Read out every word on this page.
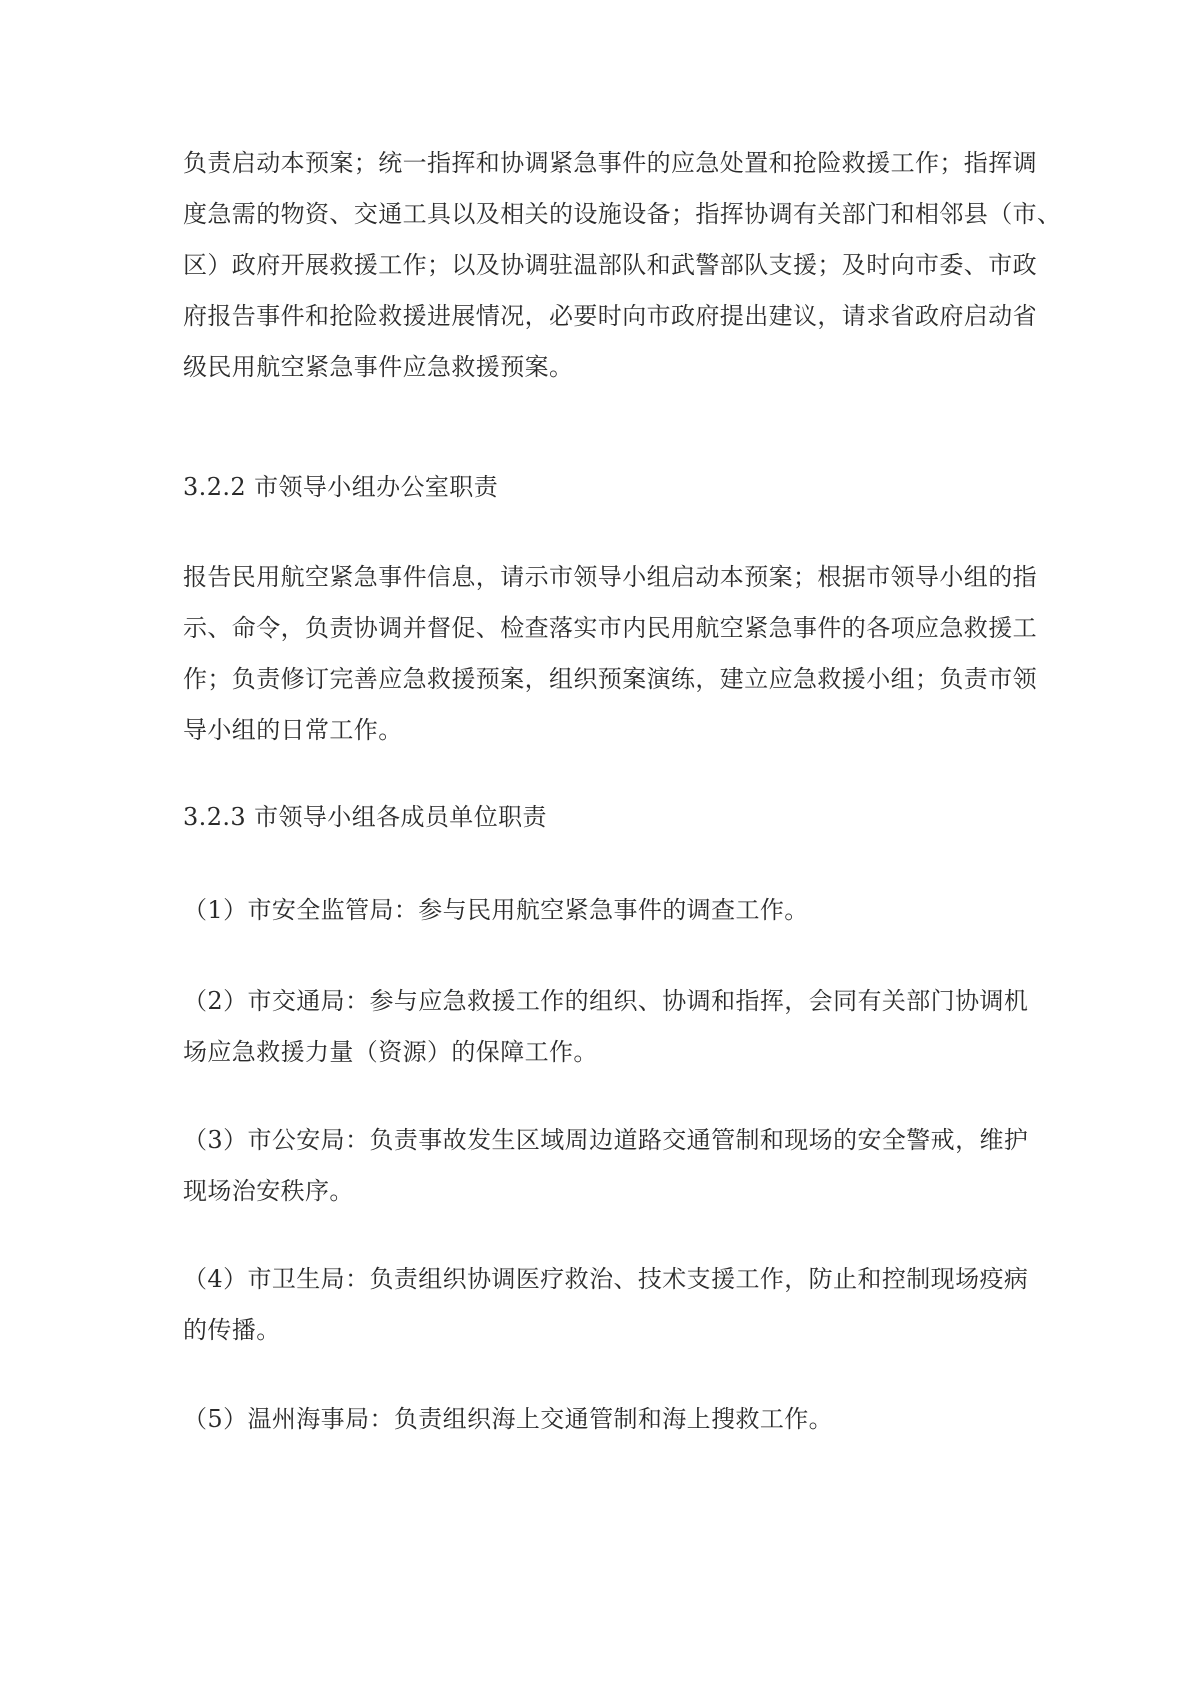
负责启动本预案；统一指挥和协调紧急事件的应急处置和抢险救援工作；指挥调

度急需的物资、交通工具以及相关的设施设备；指挥协调有关部门和相邻县（市、

区）政府开展救援工作；以及协调驻温部队和武警部队支援；及时向市委、市政

府报告事件和抢险救援进展情况，必要时向市政府提出建议，请求省政府启动省

级民用航空紧急事件应急救援预案。

3.2.2 市领导小组办公室职责

报告民用航空紧急事件信息，请示市领导小组启动本预案；根据市领导小组的指

示、命令，负责协调并督促、检查落实市内民用航空紧急事件的各项应急救援工

作；负责修订完善应急救援预案，组织预案演练，建立应急救援小组；负责市领

导小组的日常工作。

3.2.3 市领导小组各成员单位职责

（1）市安全监管局：参与民用航空紧急事件的调查工作。

（2）市交通局：参与应急救援工作的组织、协调和指挥，会同有关部门协调机

场应急救援力量（资源）的保障工作。

（3）市公安局：负责事故发生区域周边道路交通管制和现场的安全警戒，维护

现场治安秩序。

（4）市卫生局：负责组织协调医疗救治、技术支援工作，防止和控制现场疫病

的传播。

（5）温州海事局：负责组织海上交通管制和海上搜救工作。
